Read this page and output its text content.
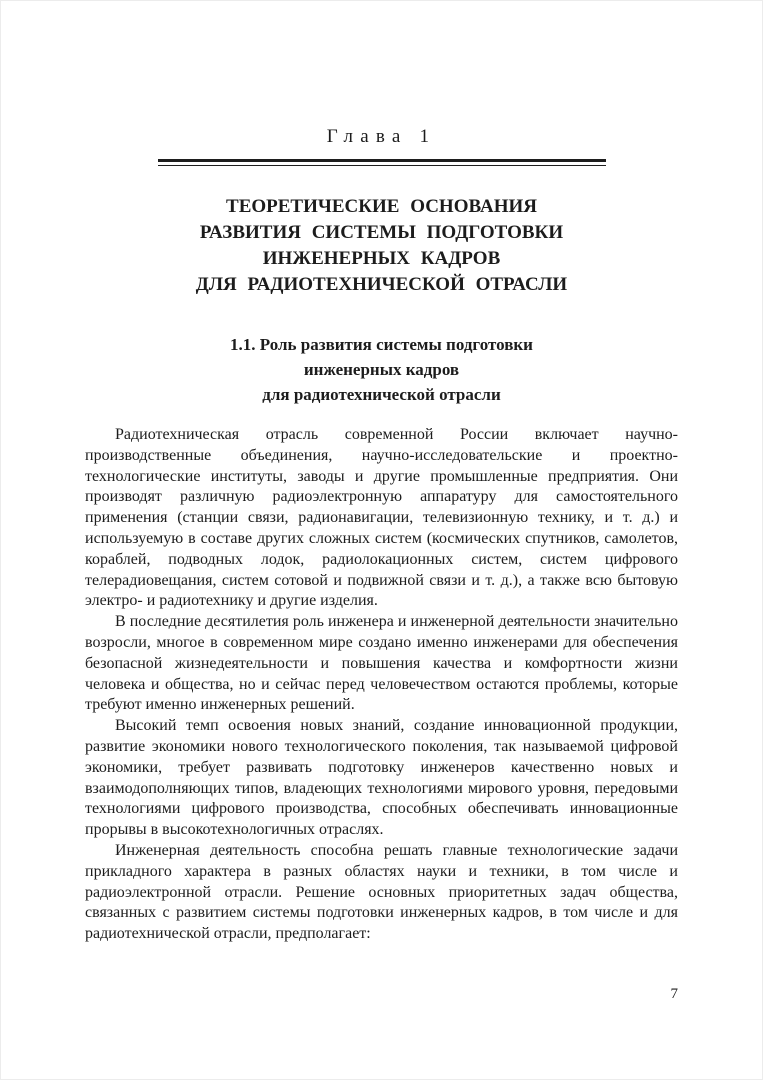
Глава 1
ТЕОРЕТИЧЕСКИЕ ОСНОВАНИЯ
РАЗВИТИЯ СИСТЕМЫ ПОДГОТОВКИ
ИНЖЕНЕРНЫХ КАДРОВ
ДЛЯ РАДИОТЕХНИЧЕСКОЙ ОТРАСЛИ
1.1. Роль развития системы подготовки
инженерных кадров
для радиотехнической отрасли

Радиотехническая отрасль современной России включает научно-производственные объединения, научно-исследовательские и проектно-технологические институты, заводы и другие промышленные предприятия. Они производят различную радиоэлектронную аппаратуру для самостоятельного применения (станции связи, радионавигации, телевизионную технику, и т. д.) и используемую в составе других сложных систем (космических спутников, самолетов, кораблей, подводных лодок, радиолокационных систем, систем цифрового телерадиовещания, систем сотовой и подвижной связи и т. д.), а также всю бытовую электро- и радиотехнику и другие изделия.

В последние десятилетия роль инженера и инженерной деятельности значительно возросли, многое в современном мире создано именно инженерами для обеспечения безопасной жизнедеятельности и повышения качества и комфортности жизни человека и общества, но и сейчас перед человечеством остаются проблемы, которые требуют именно инженерных решений.

Высокий темп освоения новых знаний, создание инновационной продукции, развитие экономики нового технологического поколения, так называемой цифровой экономики, требует развивать подготовку инженеров качественно новых и взаимодополняющих типов, владеющих технологиями мирового уровня, передовыми технологиями цифрового производства, способных обеспечивать инновационные прорывы в высокотехнологичных отраслях.

Инженерная деятельность способна решать главные технологические задачи прикладного характера в разных областях науки и техники, в том числе и радиоэлектронной отрасли. Решение основных приоритетных задач общества, связанных с развитием системы подготовки инженерных кадров, в том числе и для радиотехнической отрасли, предполагает:

7
